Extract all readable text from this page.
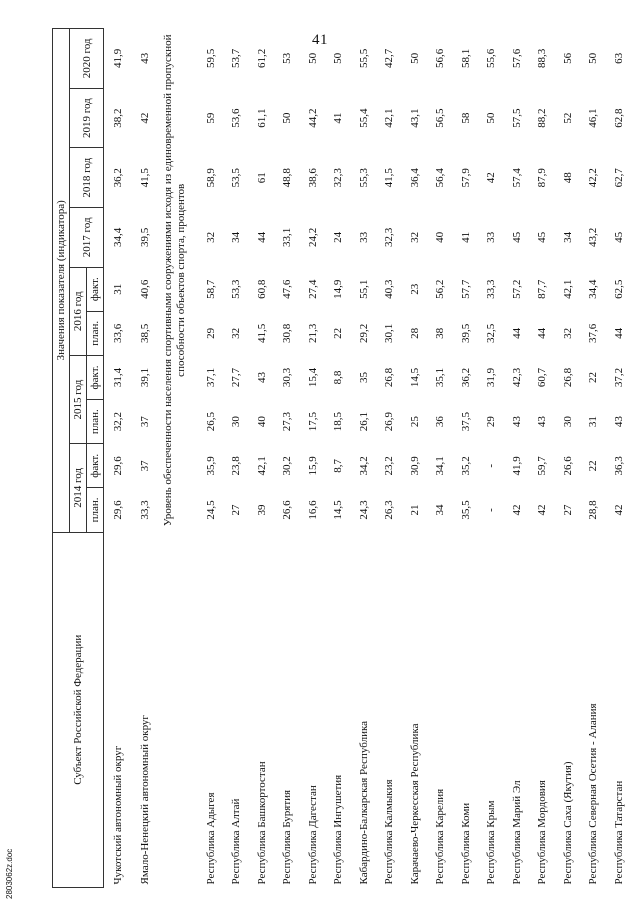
41
Субъект Российской Федерации	Значения показателя (индикатора)									
	2014 год		2015 год		2016 год		2017 год	2018 год	2019 год	2020 год
	план.	факт.	план.	факт.	план.	факт.				
Чукотский автономный округ	29,6	29,6	32,2	31,4	33,6	31	34,4	36,2	38,2	41,9
Ямало-Ненецкий автономный округ	33,3	37	37	39,1	38,5	40,6	39,5	41,5	42	43
	Уровень обеспеченности населения спортивными сооружениями исходя из единовременной пропускной способности объектов спорта, процентов									

Республика Адыгея	24,5	35,9	26,5	37,1	29	58,7	32	58,9	59	59,5
Республика Алтай	27	23,8	30	27,7	32	53,3	34	53,5	53,6	53,7
Республика Башкортостан	39	42,1	40	43	41,5	60,8	44	61	61,1	61,2
Республика Бурятия	26,6	30,2	27,3	30,3	30,8	47,6	33,1	48,8	50	53
Республика Дагестан	16,6	15,9	17,5	15,4	21,3	27,4	24,2	38,6	44,2	50
Республика Ингушетия	14,5	8,7	18,5	8,8	22	14,9	24	32,3	41	50
Кабардино-Балкарская Республика	24,3	34,2	26,1	35	29,2	55,1	33	55,3	55,4	55,5
Республика Калмыкия	26,3	23,2	26,9	26,8	30,1	40,3	32,3	41,5	42,1	42,7
Карачаево-Черкесская Республика	21	30,9	25	14,5	28	23	32	36,4	43,1	50
Республика Карелия	34	34,1	36	35,1	38	56,2	40	56,4	56,5	56,6
Республика Коми	35,5	35,2	37,5	36,2	39,5	57,7	41	57,9	58	58,1
Республика Крым	-	-	29	31,9	32,5	33,3	33	42	50	55,6
Республика Марий Эл	42	41,9	43	42,3	44	57,2	45	57,4	57,5	57,6
Республика Мордовия	42	59,7	43	60,7	44	87,7	45	87,9	88,2	88,3
Республика Саха (Якутия)	27	26,6	30	26,8	32	42,1	34	48	52	56
Республика Северная Осетия - Алания	28,8	22	31	22	37,6	34,4	43,2	42,2	46,1	50
Республика Татарстан	42	36,3	43	37,2	44	62,5	45	62,7	62,8	63
2803062z.doc
